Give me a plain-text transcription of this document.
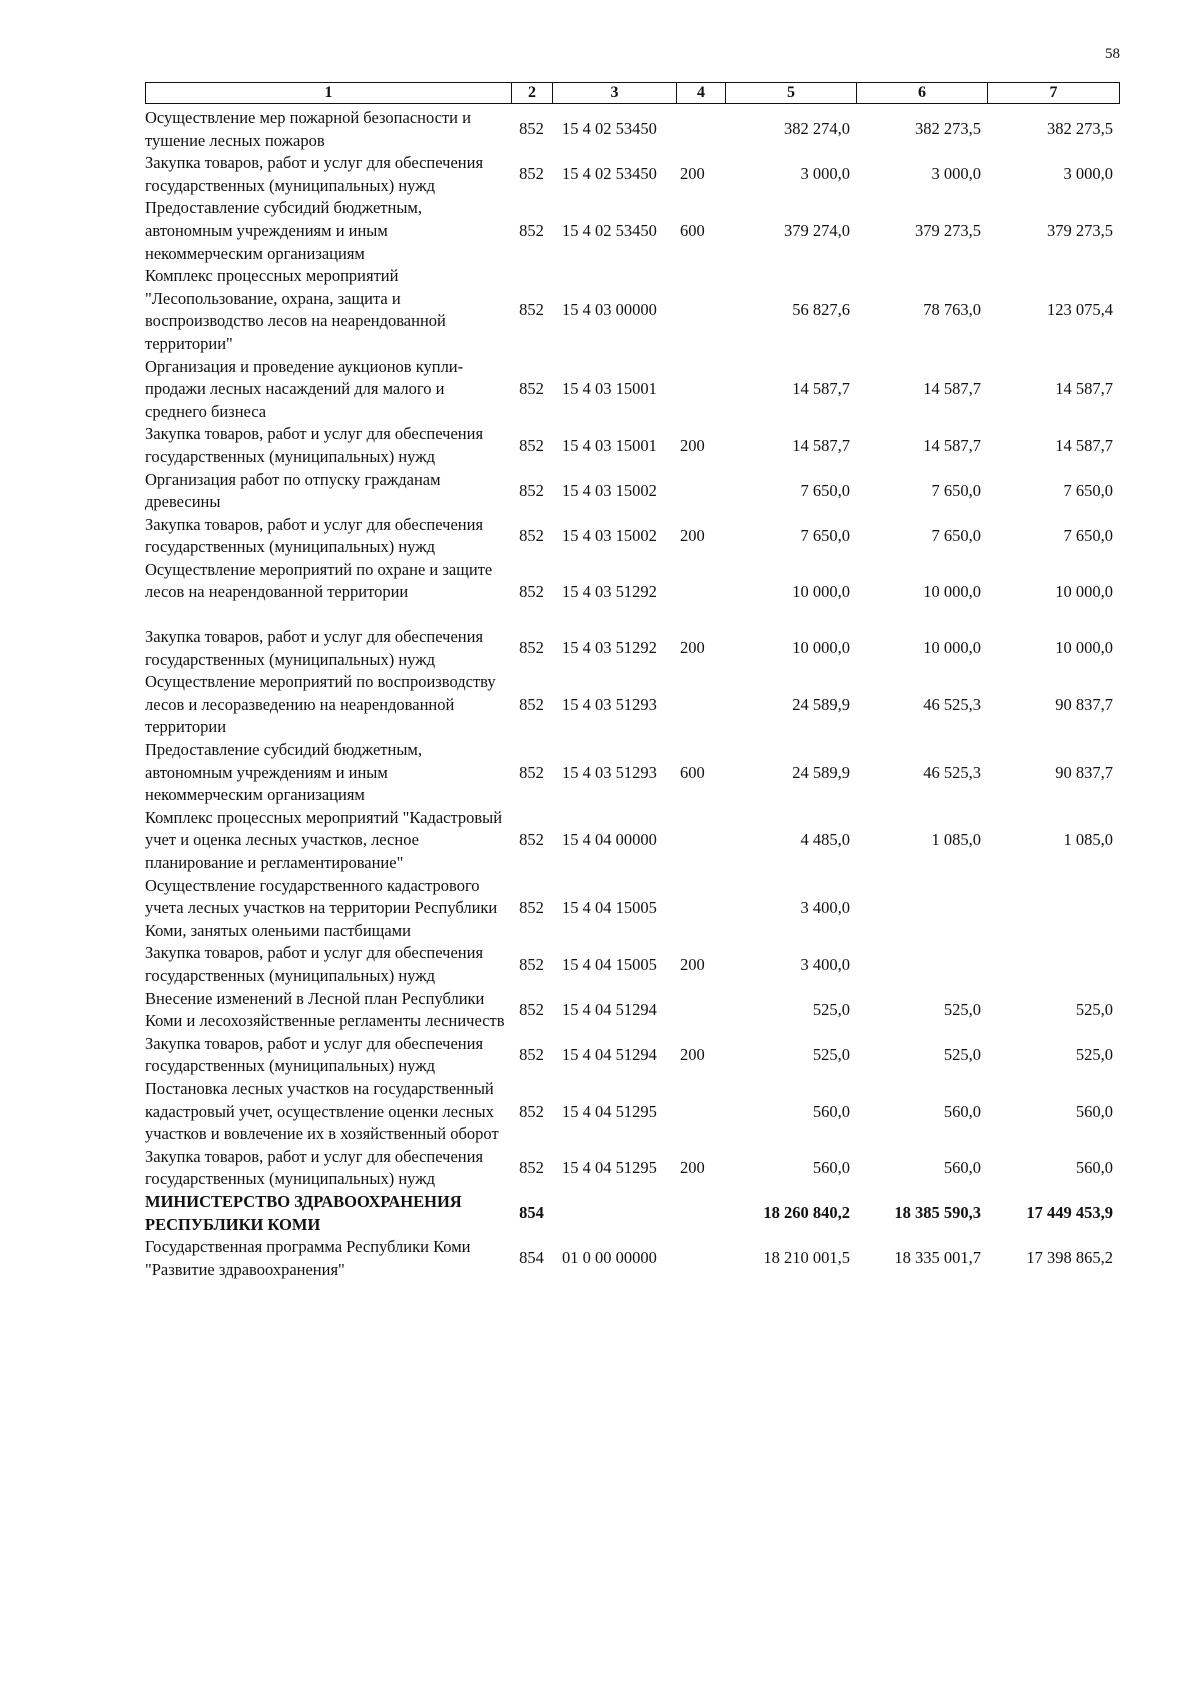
58
1	2	3	4	5	6	7
Осуществление мер пожарной безопасности и тушение лесных пожаров	852	15 4 02 53450		382 274,0	382 273,5	382 273,5
Закупка товаров, работ и услуг для обеспечения государственных (муниципальных) нужд	852	15 4 02 53450	200	3 000,0	3 000,0	3 000,0
Предоставление субсидий бюджетным, автономным учреждениям и иным некоммерческим организациям	852	15 4 02 53450	600	379 274,0	379 273,5	379 273,5
Комплекс процессных мероприятий "Лесопользование, охрана, защита и воспроизводство лесов на неарендованной территории"	852	15 4 03 00000		56 827,6	78 763,0	123 075,4
Организация и проведение аукционов купли-продажи лесных насаждений для малого и среднего бизнеса	852	15 4 03 15001		14 587,7	14 587,7	14 587,7
Закупка товаров, работ и услуг для обеспечения государственных (муниципальных) нужд	852	15 4 03 15001	200	14 587,7	14 587,7	14 587,7
Организация работ по отпуску гражданам древесины	852	15 4 03 15002		7 650,0	7 650,0	7 650,0
Закупка товаров, работ и услуг для обеспечения государственных (муниципальных) нужд	852	15 4 03 15002	200	7 650,0	7 650,0	7 650,0
Осуществление мероприятий по охране и защите лесов на неарендованной территории	852	15 4 03 51292		10 000,0	10 000,0	10 000,0
Закупка товаров, работ и услуг для обеспечения государственных (муниципальных) нужд	852	15 4 03 51292	200	10 000,0	10 000,0	10 000,0
Осуществление мероприятий по воспроизводству лесов и лесоразведению на неарендованной территории	852	15 4 03 51293		24 589,9	46 525,3	90 837,7
Предоставление субсидий бюджетным, автономным учреждениям и иным некоммерческим организациям	852	15 4 03 51293	600	24 589,9	46 525,3	90 837,7
Комплекс процессных мероприятий "Кадастровый учет и оценка лесных участков, лесное планирование и регламентирование"	852	15 4 04 00000		4 485,0	1 085,0	1 085,0
Осуществление государственного кадастрового учета лесных участков на территории Республики Коми, занятых оленьими пастбищами	852	15 4 04 15005		3 400,0		
Закупка товаров, работ и услуг для обеспечения государственных (муниципальных) нужд	852	15 4 04 15005	200	3 400,0		
Внесение изменений в Лесной план Республики Коми и лесохозяйственные регламенты лесничеств	852	15 4 04 51294		525,0	525,0	525,0
Закупка товаров, работ и услуг для обеспечения государственных (муниципальных) нужд	852	15 4 04 51294	200	525,0	525,0	525,0
Постановка лесных участков на государственный кадастровый учет, осуществление оценки лесных участков и вовлечение их в хозяйственный оборот	852	15 4 04 51295		560,0	560,0	560,0
Закупка товаров, работ и услуг для обеспечения государственных (муниципальных) нужд	852	15 4 04 51295	200	560,0	560,0	560,0
МИНИСТЕРСТВО ЗДРАВООХРАНЕНИЯ РЕСПУБЛИКИ КОМИ	854			18 260 840,2	18 385 590,3	17 449 453,9
Государственная программа Республики Коми "Развитие здравоохранения"	854	01 0 00 00000		18 210 001,5	18 335 001,7	17 398 865,2
